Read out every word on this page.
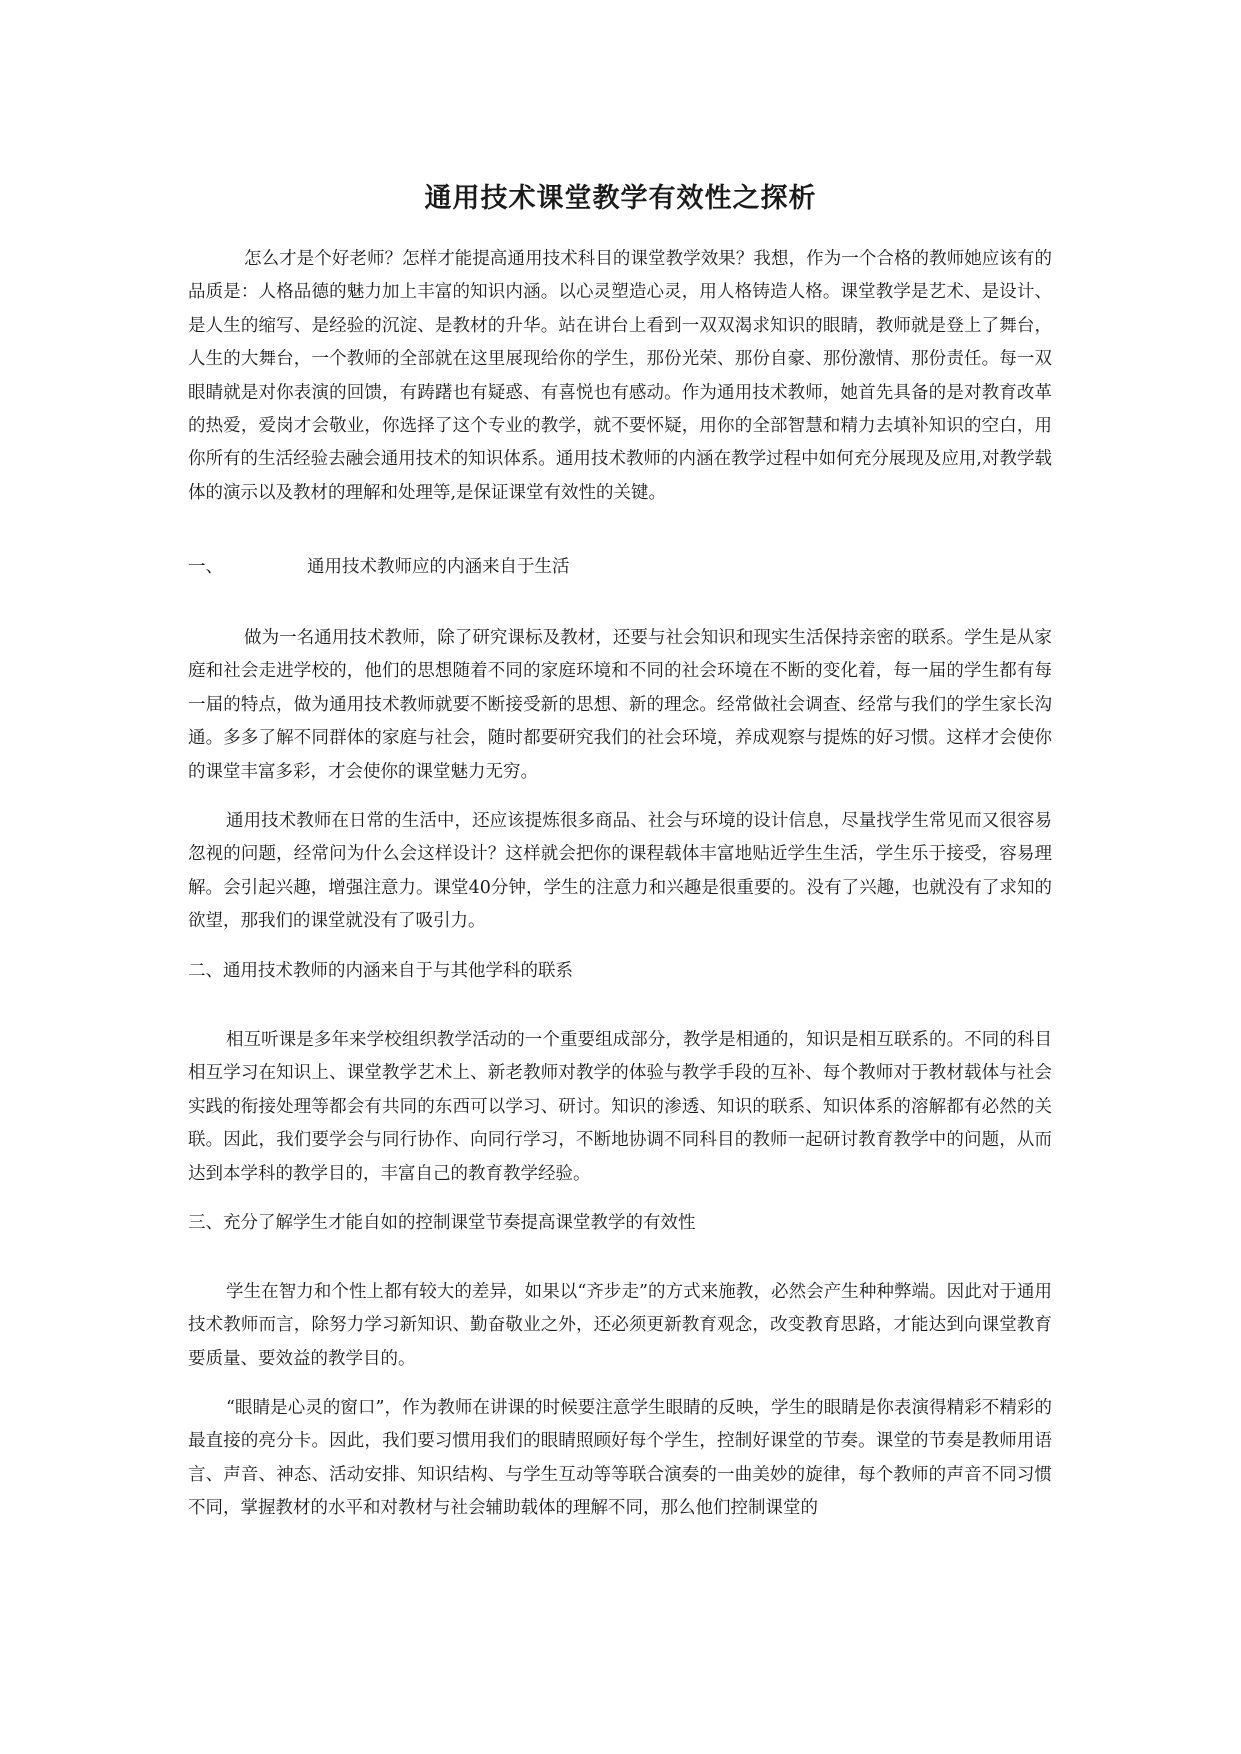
通用技术课堂教学有效性之探析

怎么才是个好老师？怎样才能提高通用技术科目的课堂教学效果？我想，作为一个合格的教师她应该有的品质是：人格品德的魅力加上丰富的知识内涵。以心灵塑造心灵，用人格铸造人格。课堂教学是艺术、是设计、是人生的缩写、是经验的沉淀、是教材的升华。站在讲台上看到一双双渴求知识的眼睛，教师就是登上了舞台，人生的大舞台，一个教师的全部就在这里展现给你的学生，那份光荣、那份自豪、那份激情、那份责任。每一双眼睛就是对你表演的回馈，有踌躇也有疑惑、有喜悦也有感动。作为通用技术教师，她首先具备的是对教育改革的热爱，爱岗才会敬业，你选择了这个专业的教学，就不要怀疑，用你的全部智慧和精力去填补知识的空白，用你所有的生活经验去融会通用技术的知识体系。通用技术教师的内涵在教学过程中如何充分展现及应用,对教学载体的演示以及教材的理解和处理等,是保证课堂有效性的关键。

一、	通用技术教师应的内涵来自于生活

做为一名通用技术教师，除了研究课标及教材，还要与社会知识和现实生活保持亲密的联系。学生是从家庭和社会走进学校的，他们的思想随着不同的家庭环境和不同的社会环境在不断的变化着，每一届的学生都有每一届的特点，做为通用技术教师就要不断接受新的思想、新的理念。经常做社会调查、经常与我们的学生家长沟通。多多了解不同群体的家庭与社会，随时都要研究我们的社会环境，养成观察与提炼的好习惯。这样才会使你的课堂丰富多彩，才会使你的课堂魅力无穷。

通用技术教师在日常的生活中，还应该提炼很多商品、社会与环境的设计信息，尽量找学生常见而又很容易忽视的问题，经常问为什么会这样设计？这样就会把你的课程载体丰富地贴近学生生活，学生乐于接受，容易理解。会引起兴趣，增强注意力。课堂40分钟，学生的注意力和兴趣是很重要的。没有了兴趣，也就没有了求知的欲望，那我们的课堂就没有了吸引力。

二、通用技术教师的内涵来自于与其他学科的联系

相互听课是多年来学校组织教学活动的一个重要组成部分，教学是相通的，知识是相互联系的。不同的科目相互学习在知识上、课堂教学艺术上、新老教师对教学的体验与教学手段的互补、每个教师对于教材载体与社会实践的衔接处理等都会有共同的东西可以学习、研讨。知识的渗透、知识的联系、知识体系的溶解都有必然的关联。因此，我们要学会与同行协作、向同行学习，不断地协调不同科目的教师一起研讨教育教学中的问题，从而达到本学科的教学目的，丰富自己的教育教学经验。

三、充分了解学生才能自如的控制课堂节奏提高课堂教学的有效性

学生在智力和个性上都有较大的差异，如果以“齐步走”的方式来施教，必然会产生种种弊端。因此对于通用技术教师而言，除努力学习新知识、勤奋敬业之外，还必须更新教育观念，改变教育思路，才能达到向课堂教育要质量、要效益的教学目的。

“眼睛是心灵的窗口”，作为教师在讲课的时候要注意学生眼睛的反映，学生的眼睛是你表演得精彩不精彩的最直接的亮分卡。因此，我们要习惯用我们的眼睛照顾好每个学生，控制好课堂的节奏。课堂的节奏是教师用语言、声音、神态、活动安排、知识结构、与学生互动等等联合演奏的一曲美妙的旋律，每个教师的声音不同习惯不同，掌握教材的水平和对教材与社会辅助载体的理解不同，那么他们控制课堂的
